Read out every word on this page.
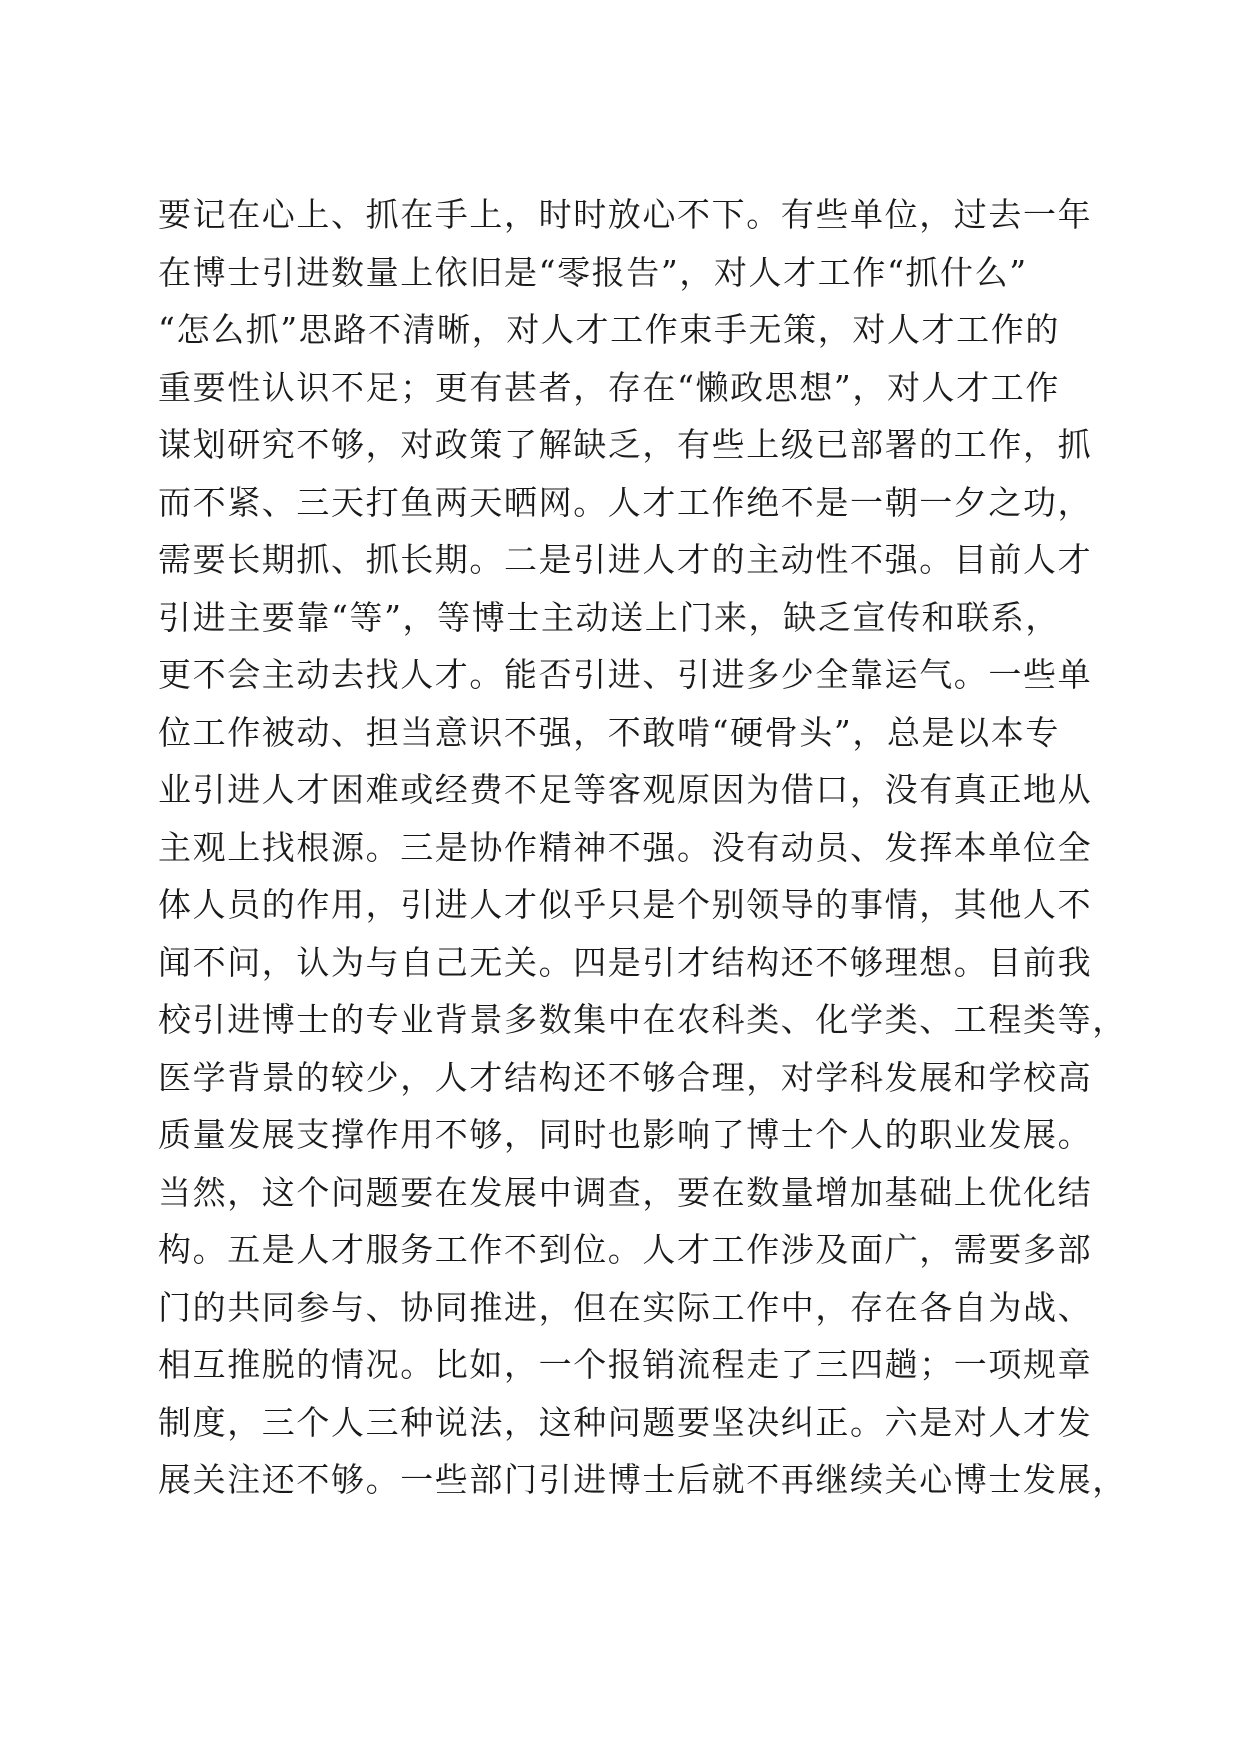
要记在心上、抓在手上，时时放心不下。有些单位，过去一年
在博士引进数量上依旧是“零报告”，对人才工作“抓什么”
“怎么抓”思路不清晰，对人才工作束手无策，对人才工作的
重要性认识不足；更有甚者，存在“懒政思想”，对人才工作
谋划研究不够，对政策了解缺乏，有些上级已部署的工作，抓
而不紧、三天打鱼两天晒网。人才工作绝不是一朝一夕之功，
需要长期抓、抓长期。二是引进人才的主动性不强。目前人才
引进主要靠“等”，等博士主动送上门来，缺乏宣传和联系，
更不会主动去找人才。能否引进、引进多少全靠运气。一些单
位工作被动、担当意识不强，不敢啃“硬骨头”，总是以本专
业引进人才困难或经费不足等客观原因为借口，没有真正地从
主观上找根源。三是协作精神不强。没有动员、发挥本单位全
体人员的作用，引进人才似乎只是个别领导的事情，其他人不
闻不问，认为与自己无关。四是引才结构还不够理想。目前我
校引进博士的专业背景多数集中在农科类、化学类、工程类等，
医学背景的较少，人才结构还不够合理，对学科发展和学校高
质量发展支撑作用不够，同时也影响了博士个人的职业发展。
当然，这个问题要在发展中调查，要在数量增加基础上优化结
构。五是人才服务工作不到位。人才工作涉及面广，需要多部
门的共同参与、协同推进，但在实际工作中，存在各自为战、
相互推脱的情况。比如，一个报销流程走了三四趟；一项规章
制度，三个人三种说法，这种问题要坚决纠正。六是对人才发
展关注还不够。一些部门引进博士后就不再继续关心博士发展，
